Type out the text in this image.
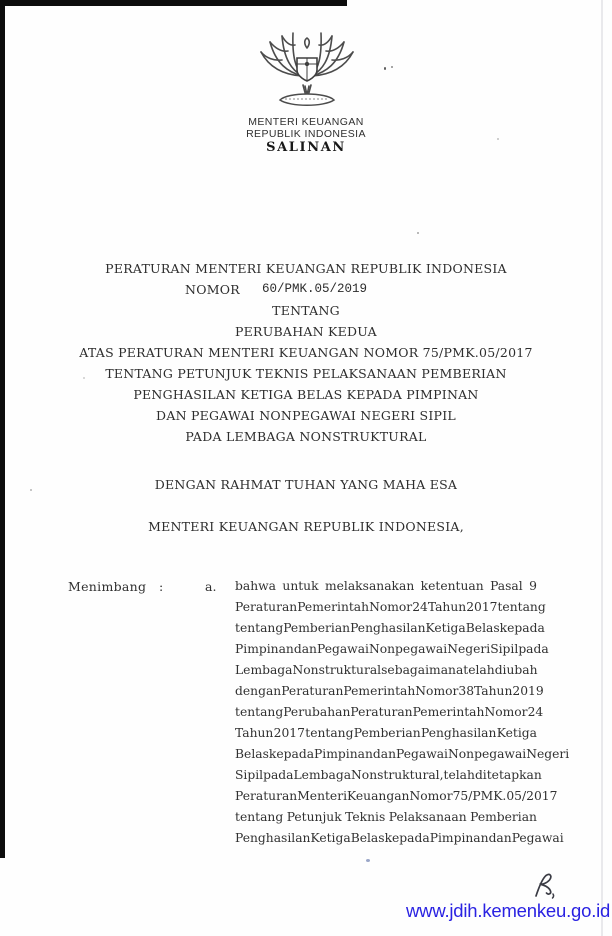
MENTERI KEUANGAN
REPUBLIK INDONESIA
SALINAN
PERATURAN MENTERI KEUANGAN REPUBLIK INDONESIA
NOMOR 60/PMK.05/2019
TENTANG
PERUBAHAN KEDUA
ATAS PERATURAN MENTERI KEUANGAN NOMOR 75/PMK.05/2017
TENTANG PETUNJUK TEKNIS PELAKSANAAN PEMBERIAN
PENGHASILAN KETIGA BELAS KEPADA PIMPINAN
DAN PEGAWAI NONPEGAWAI NEGERI SIPIL
PADA LEMBAGA NONSTRUKTURAL
DENGAN RAHMAT TUHAN YANG MAHA ESA
MENTERI KEUANGAN REPUBLIK INDONESIA,
Menimbang :	a. bahwa untuk melaksanakan ketentuan Pasal 9
Peraturan Pemerintah Nomor 24 Tahun 2017 tentang
tentang Pemberian Penghasilan Ketiga Belas kepada
Pimpinan dan Pegawai Nonpegawai Negeri Sipil pada
Lembaga Nonstruktural sebagaimana telah diubah
dengan Peraturan Pemerintah Nomor 38 Tahun 2019
tentang Perubahan Peraturan Pemerintah Nomor 24
Tahun 2017 tentang Pemberian Penghasilan Ketiga
Belas kepada Pimpinan dan Pegawai Nonpegawai Negeri
Sipil pada Lembaga Nonstruktural, telah ditetapkan
Peraturan Menteri Keuangan Nomor 75/PMK.05/2017
tentang Petunjuk Teknis Pelaksanaan Pemberian
Penghasilan Ketiga Belas kepada Pimpinan dan Pegawai
www.jdih.kemenkeu.go.id
